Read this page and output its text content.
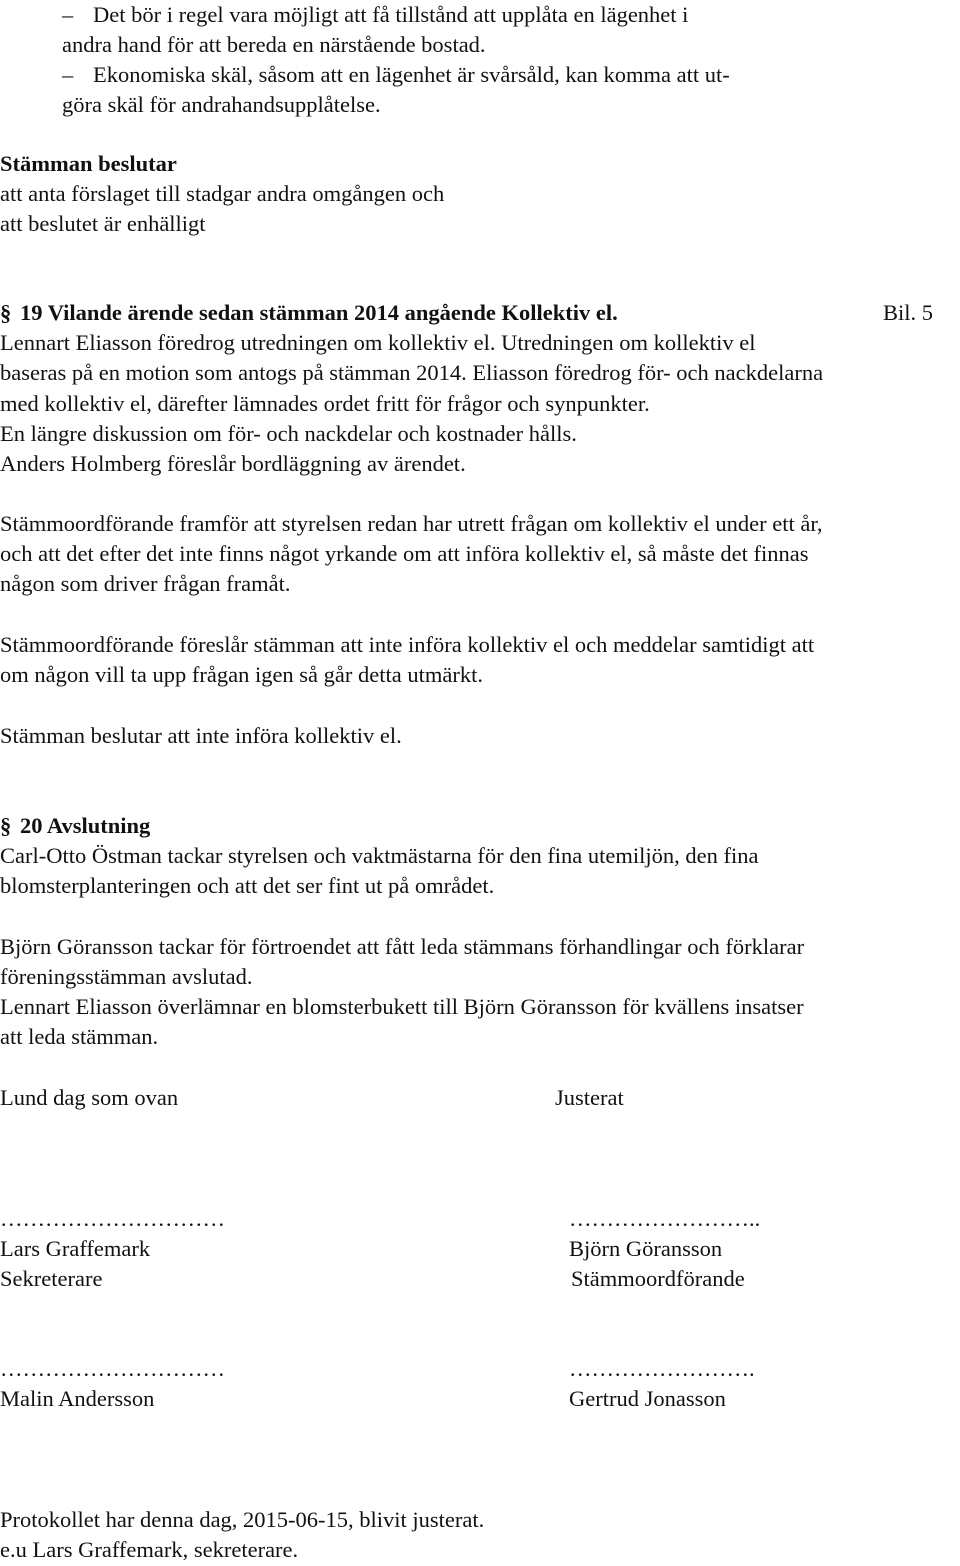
– Det bör i regel vara möjligt att få tillstånd att upplåta en lägenhet i
andra hand för att bereda en närstående bostad.
– Ekonomiska skäl, såsom att en lägenhet är svårsåld, kan komma att ut-
göra skäl för andrahandsupplåtelse.
Stämman beslutar
att anta förslaget till stadgar andra omgången och
att beslutet är enhälligt
§ 19 Vilande ärende sedan stämman 2014 angående Kollektiv el.	Bil. 5
Lennart Eliasson föredrog utredningen om kollektiv el. Utredningen om kollektiv el
baseras på en motion som antogs på stämman 2014. Eliasson föredrog för- och nackdelarna
med kollektiv el, därefter lämnades ordet fritt för frågor och synpunkter.
En längre diskussion om för- och nackdelar och kostnader hålls.
Anders Holmberg föreslår bordläggning av ärendet.
Stämmoordförande framför att styrelsen redan har utrett frågan om kollektiv el under ett år,
och att det efter det inte finns något yrkande om att införa kollektiv el, så måste det finnas
någon som driver frågan framåt.
Stämmoordförande föreslår stämman att inte införa kollektiv el och meddelar samtidigt att
om någon vill ta upp frågan igen så går detta utmärkt.
Stämman beslutar att inte införa kollektiv el.
§ 20 Avslutning
Carl-Otto Östman tackar styrelsen och vaktmästarna för den fina utemiljön, den fina
blomsterplanteringen och att det ser fint ut på området.
Björn Göransson tackar för förtroendet att fått leda stämmans förhandlingar och förklarar
föreningsstämman avslutad.
Lennart Eliasson överlämnar en blomsterbukett till Björn Göransson för kvällens insatser
att leda stämman.
Lund dag som ovan	Justerat
…………………………	……………………..
Lars Graffemark	Björn Göransson
Sekreterare	Stämmoordförande
…………………………	…………………….
Malin Andersson	Gertrud Jonasson
Protokollet har denna dag, 2015-06-15, blivit justerat.
e.u Lars Graffemark, sekreterare.
